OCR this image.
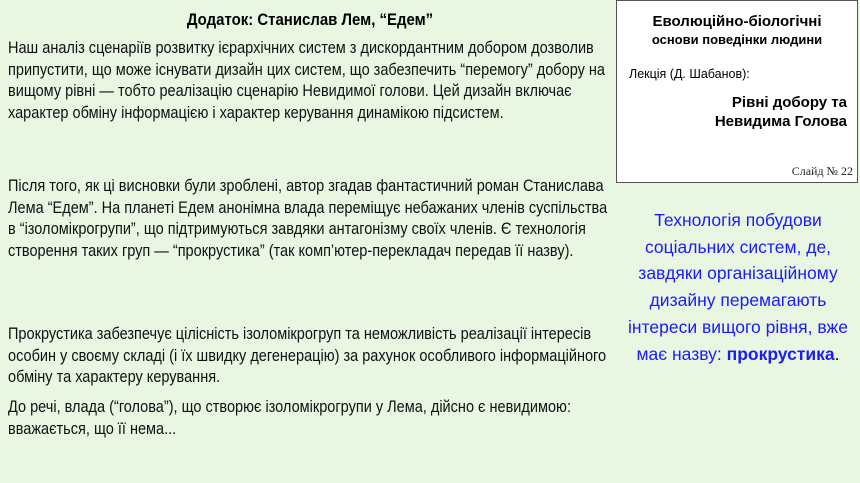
Додаток: Станислав Лем, “Едем”
Наш аналіз сценаріїв розвитку ієрархічних систем з дискордантним добором дозволив припустити, що може існувати дизайн цих систем, що забезпечить “перемогу” добору на вищому рівні — тобто реалізацію сценарію Невидимої голови. Цей дизайн включає характер обміну інформацією і характер керування динамікою підсистем.
Після того, як ці висновки були зроблені, автор згадав фантастичний роман Станислава Лема “Едем”. На планеті Едем анонімна влада переміщує небажаних членів суспільства в “ізоломікрогрупи”, що підтримуються завдяки антагонізму своїх членів. Є технологія створення таких груп — “прокрустика” (так комп’ютер-перекладач передав її назву).
Прокрустика забезпечує цілісність ізоломікрогруп та неможливість реалізації інтересів особин у своєму складі (і їх швидку дегенерацію) за рахунок особливого інформаційного обміну та характеру керування.
До речі, влада (“голова”), що створює ізоломікрогрупи у Лема, дійсно є невидимою: вважається, що її нема...
Еволюційно-біологічні
основи поведінки людини
Лекція (Д. Шабанов):
Рівні добору та
Невидима Голова
Слайд № 22
Технологія побудови соціальних систем, де, завдяки організаційному дизайну перемагають інтереси вищого рівня, вже має назву: прокрустика.
